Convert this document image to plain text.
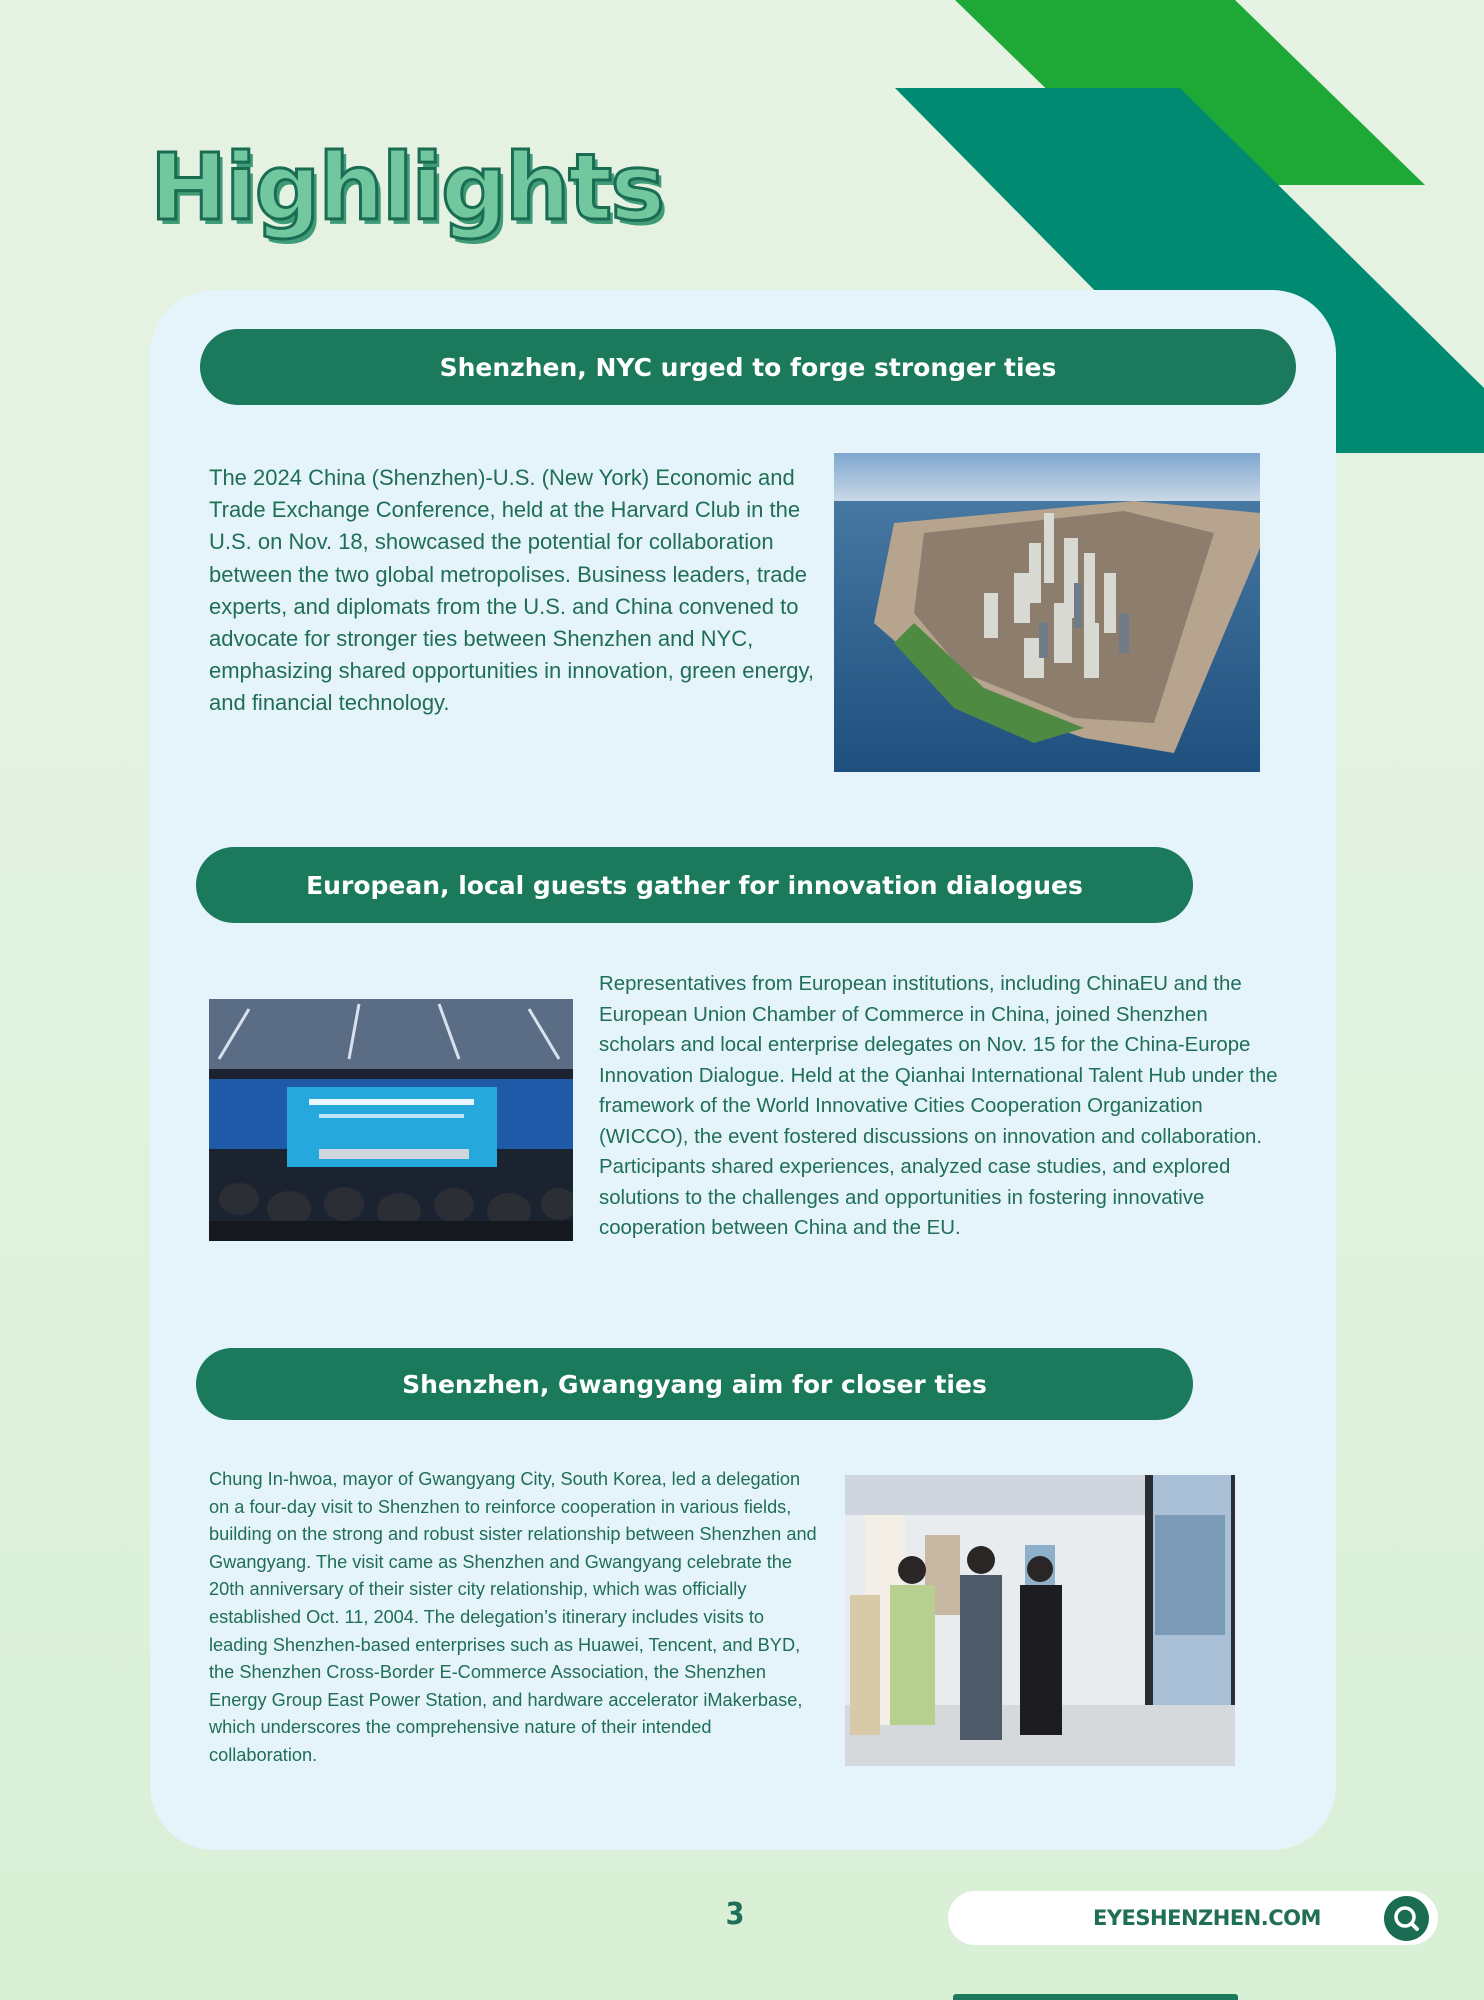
Highlights
Shenzhen, NYC urged to forge stronger ties

The 2024 China (Shenzhen)-U.S. (New York) Economic and Trade Exchange Conference, held at the Harvard Club in the U.S. on Nov. 18, showcased the potential for collaboration between the two global metropolises. Business leaders, trade experts, and diplomats from the U.S. and China convened to advocate for stronger ties between Shenzhen and NYC, emphasizing shared opportunities in innovation, green energy, and financial technology.

European, local guests gather for innovation dialogues

Representatives from European institutions, including ChinaEU and the European Union Chamber of Commerce in China, joined Shenzhen scholars and local enterprise delegates on Nov. 15 for the China-Europe Innovation Dialogue. Held at the Qianhai International Talent Hub under the framework of the World Innovative Cities Cooperation Organization (WICCO), the event fostered discussions on innovation and collaboration. Participants shared experiences, analyzed case studies, and explored solutions to the challenges and opportunities in fostering innovative cooperation between China and the EU.

Shenzhen, Gwangyang aim for closer ties

Chung In-hwoa, mayor of Gwangyang City, South Korea, led a delegation on a four-day visit to Shenzhen to reinforce cooperation in various fields, building on the strong and robust sister relationship between Shenzhen and Gwangyang. The visit came as Shenzhen and Gwangyang celebrate the 20th anniversary of their sister city relationship, which was officially established Oct. 11, 2004. The delegation’s itinerary includes visits to leading Shenzhen-based enterprises such as Huawei, Tencent, and BYD, the Shenzhen Cross-Border E-Commerce Association, the Shenzhen Energy Group East Power Station, and hardware accelerator iMakerbase, which underscores the comprehensive nature of their intended collaboration.

3	EYESHENZHEN.COM
